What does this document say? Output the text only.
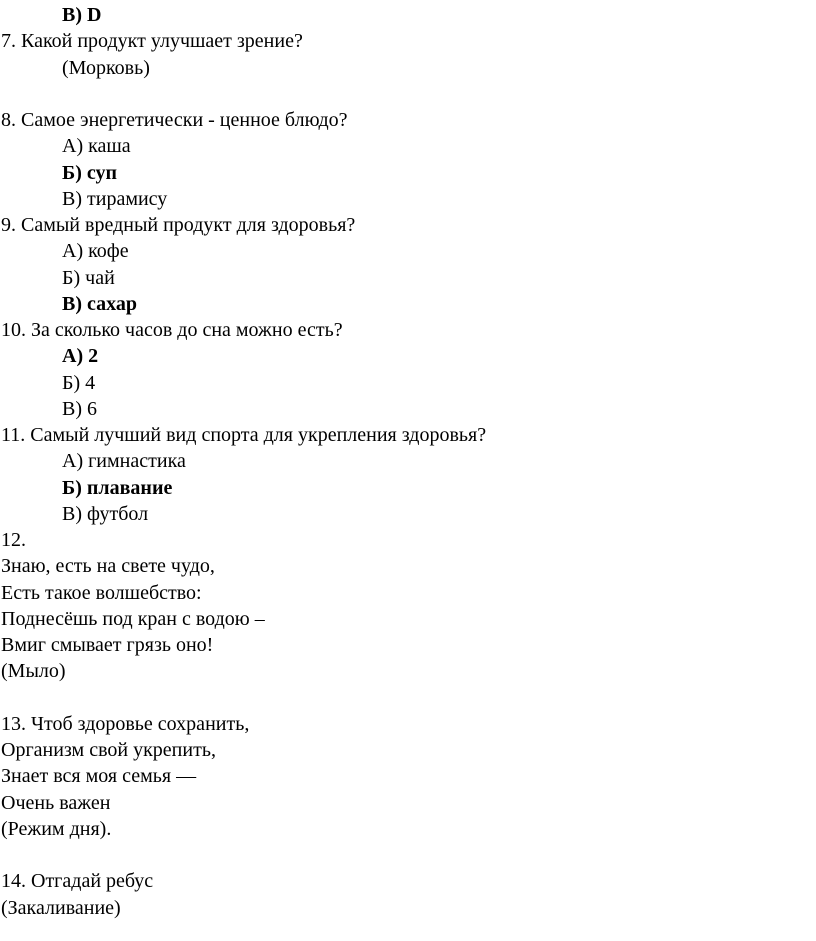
В) D
7. Какой продукт улучшает зрение?
(Морковь)
8. Самое энергетически - ценное блюдо?
А) каша
Б) суп
В) тирамису
9. Самый вредный продукт для здоровья?
А) кофе
Б) чай
В) сахар
10. За сколько часов до сна можно есть?
А) 2
Б) 4
В) 6
11. Самый лучший вид спорта для укрепления здоровья?
А) гимнастика
Б) плавание
В) футбол
12.
Знаю, есть на свете чудо,
Есть такое волшебство:
Поднесёшь под кран с водою –
Вмиг смывает грязь оно!
(Мыло)
13. Чтоб здоровье сохранить,
Организм свой укрепить,
Знает вся моя семья —
Очень важен
(Режим дня).
14. Отгадай ребус
(Закаливание)
